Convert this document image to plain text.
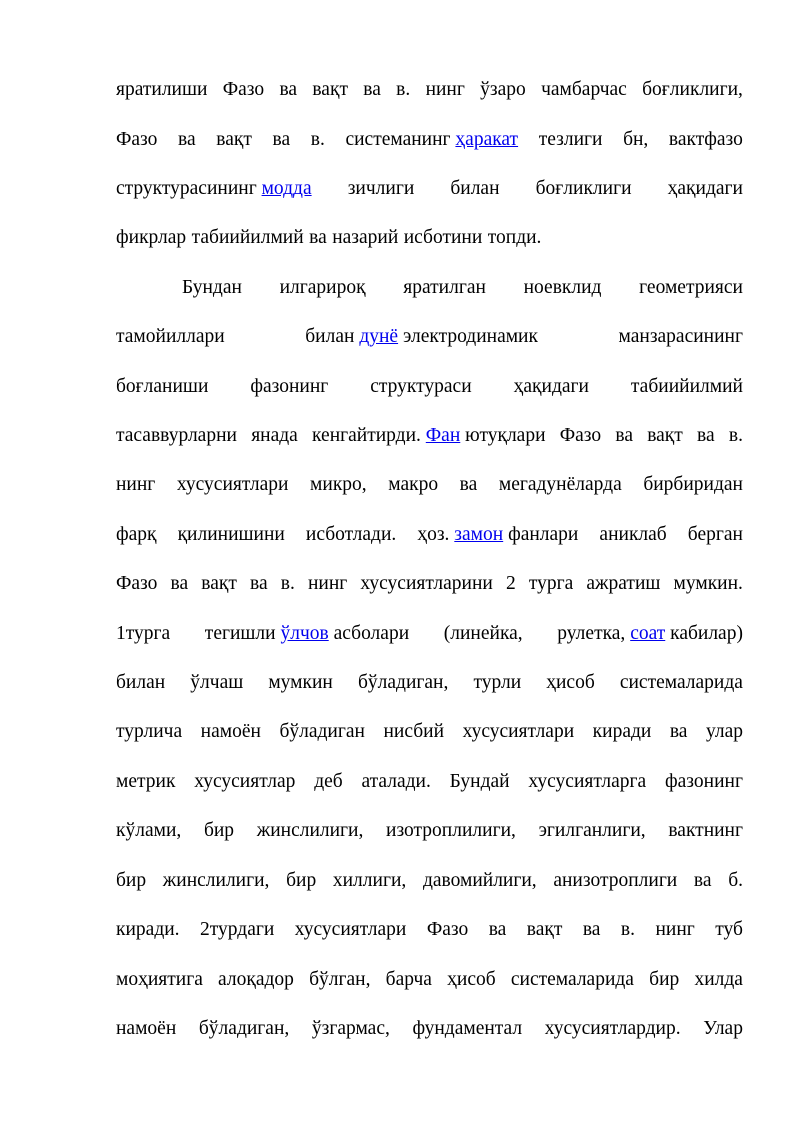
яратилиши Фазо ва вақт ва в. нинг ўзаро чамбарчас боғликлиги,
Фазо ва вақт ва в. системанинг ҳаракат тезлиги бн, вактфазо
структурасининг модда зичлиги билан боғликлиги ҳақидаги
фикрлар табиийилмий ва назарий исботини топди.
Бундан илгарироқ яратилган ноевклид геометрияси
тамойиллари	билан дунё электродинамик	манзарасининг
боғланиши фазонинг структураси ҳақидаги табиийилмий
тасаввурларни янада кенгайтирди. Фан ютуқлари Фазо ва вақт ва в.
нинг хусусиятлари микро, макро ва мегадунёларда бирбиридан
фарқ қилинишини исботлади. ҳоз. замон фанлари аниклаб берган
Фазо ва вақт ва в. нинг хусусиятларини 2 турга ажратиш мумкин.
1турга тегишли ўлчов асболари (линейка, рулетка, соат кабилар)
билан ўлчаш мумкин бўладиган, турли ҳисоб системаларида
турлича намоён бўладиган нисбий хусусиятлари киради ва улар
метрик хусусиятлар деб аталади. Бундай хусусиятларга фазонинг
кўлами, бир жинслилиги, изотроплилиги, эгилганлиги, вактнинг
бир жинслилиги, бир хиллиги, давомийлиги, анизотроплиги ва б.
киради. 2турдаги хусусиятлари Фазо ва вақт ва в. нинг туб
моҳиятига алоқадор бўлган, барча ҳисоб системаларида бир хилда
намоён бўладиган, ўзгармас, фундаментал хусусиятлардир. Улар
